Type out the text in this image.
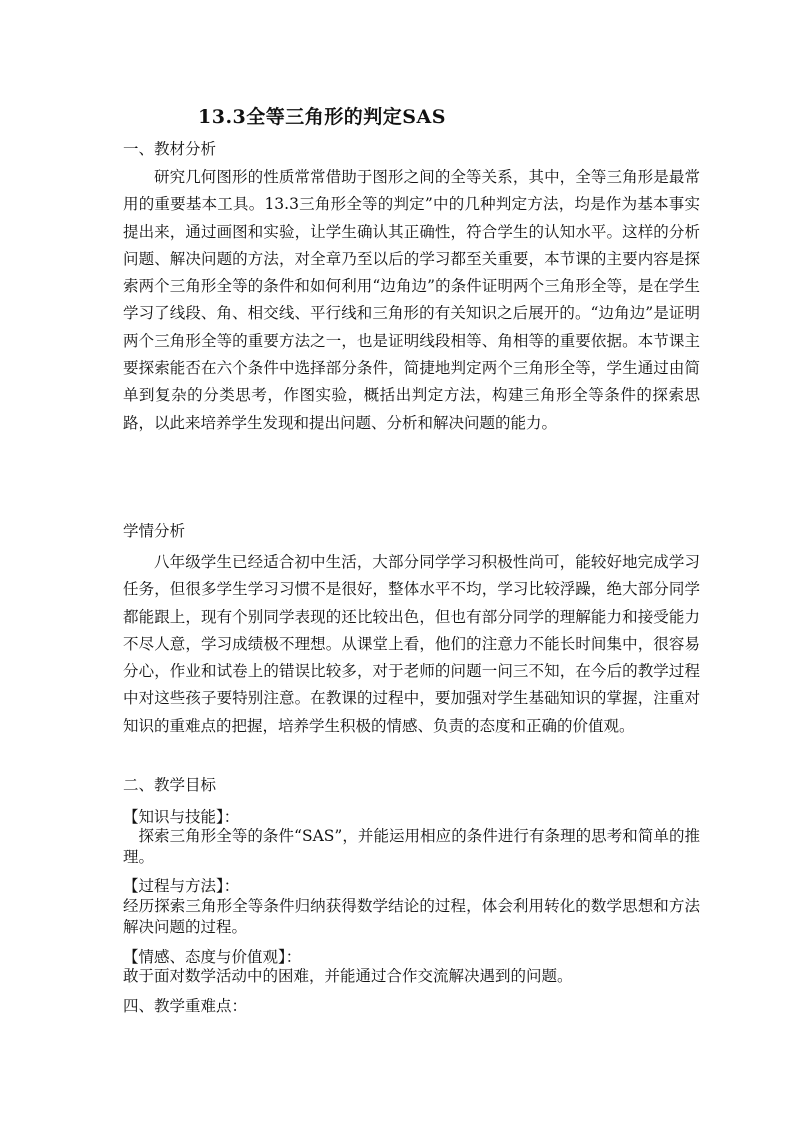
13.3全等三角形的判定SAS
一、教材分析
研究几何图形的性质常常借助于图形之间的全等关系，其中，全等三角形是最常用的重要基本工具。13.3三角形全等的判定”中的几种判定方法，均是作为基本事实提出来，通过画图和实验，让学生确认其正确性，符合学生的认知水平。这样的分析问题、解决问题的方法，对全章乃至以后的学习都至关重要，本节课的主要内容是探索两个三角形全等的条件和如何利用“边角边”的条件证明两个三角形全等，是在学生学习了线段、角、相交线、平行线和三角形的有关知识之后展开的。“边角边”是证明两个三角形全等的重要方法之一，也是证明线段相等、角相等的重要依据。本节课主要探索能否在六个条件中选择部分条件，简捷地判定两个三角形全等，学生通过由简单到复杂的分类思考，作图实验，概括出判定方法，构建三角形全等条件的探索思路，以此来培养学生发现和提出问题、分析和解决问题的能力。
学情分析
八年级学生已经适合初中生活，大部分同学学习积极性尚可，能较好地完成学习任务，但很多学生学习习惯不是很好，整体水平不均，学习比较浮躁，绝大部分同学都能跟上，现有个别同学表现的还比较出色，但也有部分同学的理解能力和接受能力不尽人意，学习成绩极不理想。从课堂上看，他们的注意力不能长时间集中，很容易分心，作业和试卷上的错误比较多，对于老师的问题一问三不知，在今后的教学过程中对这些孩子要特别注意。在教课的过程中，要加强对学生基础知识的掌握，注重对知识的重难点的把握，培养学生积极的情感、负责的态度和正确的价值观。
二、教学目标
【知识与技能】：
探索三角形全等的条件“SAS”，并能运用相应的条件进行有条理的思考和简单的推理。
【过程与方法】：
经历探索三角形全等条件归纳获得数学结论的过程，体会利用转化的数学思想和方法解决问题的过程。
【情感、态度与价值观】：
敢于面对数学活动中的困难，并能通过合作交流解决遇到的问题。
四、教学重难点：
